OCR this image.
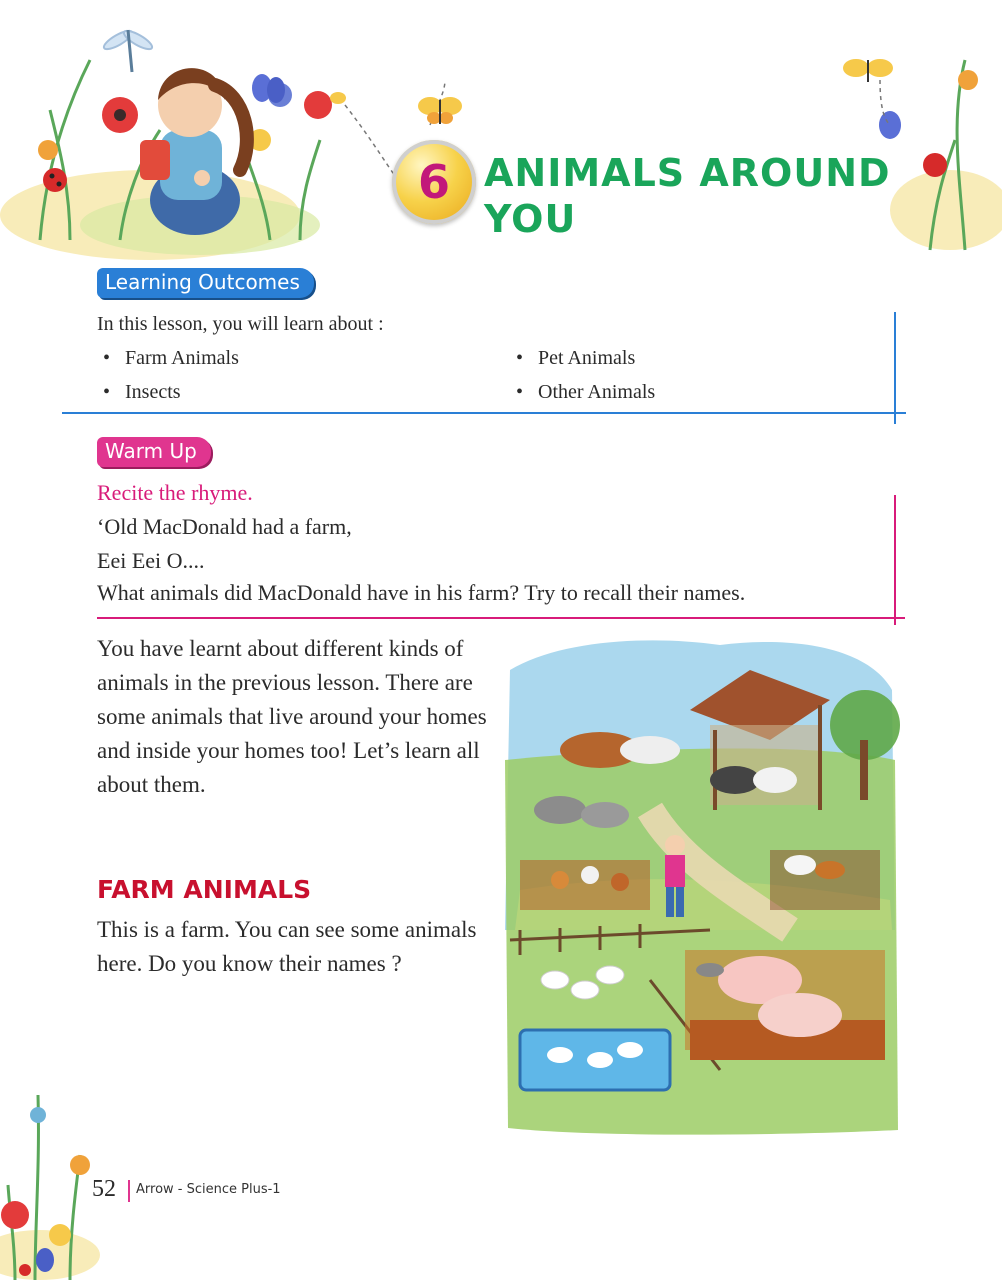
6 ANIMALS AROUND
YOU
Learning Outcomes
In this lesson, you will learn about :
• Farm Animals
• Insects
• Pet Animals
• Other Animals
Warm Up
Recite the rhyme.
‘Old MacDonald had a farm,
Eei Eei O....
What animals did MacDonald have in his farm? Try to recall their names.
You have learnt about different kinds of animals in the previous lesson. There are some animals that live around your homes and inside your homes too! Let’s learn all about them.
FARM ANIMALS
This is a farm. You can see some animals here. Do you know their names ?
52 Arrow - Science Plus-1
